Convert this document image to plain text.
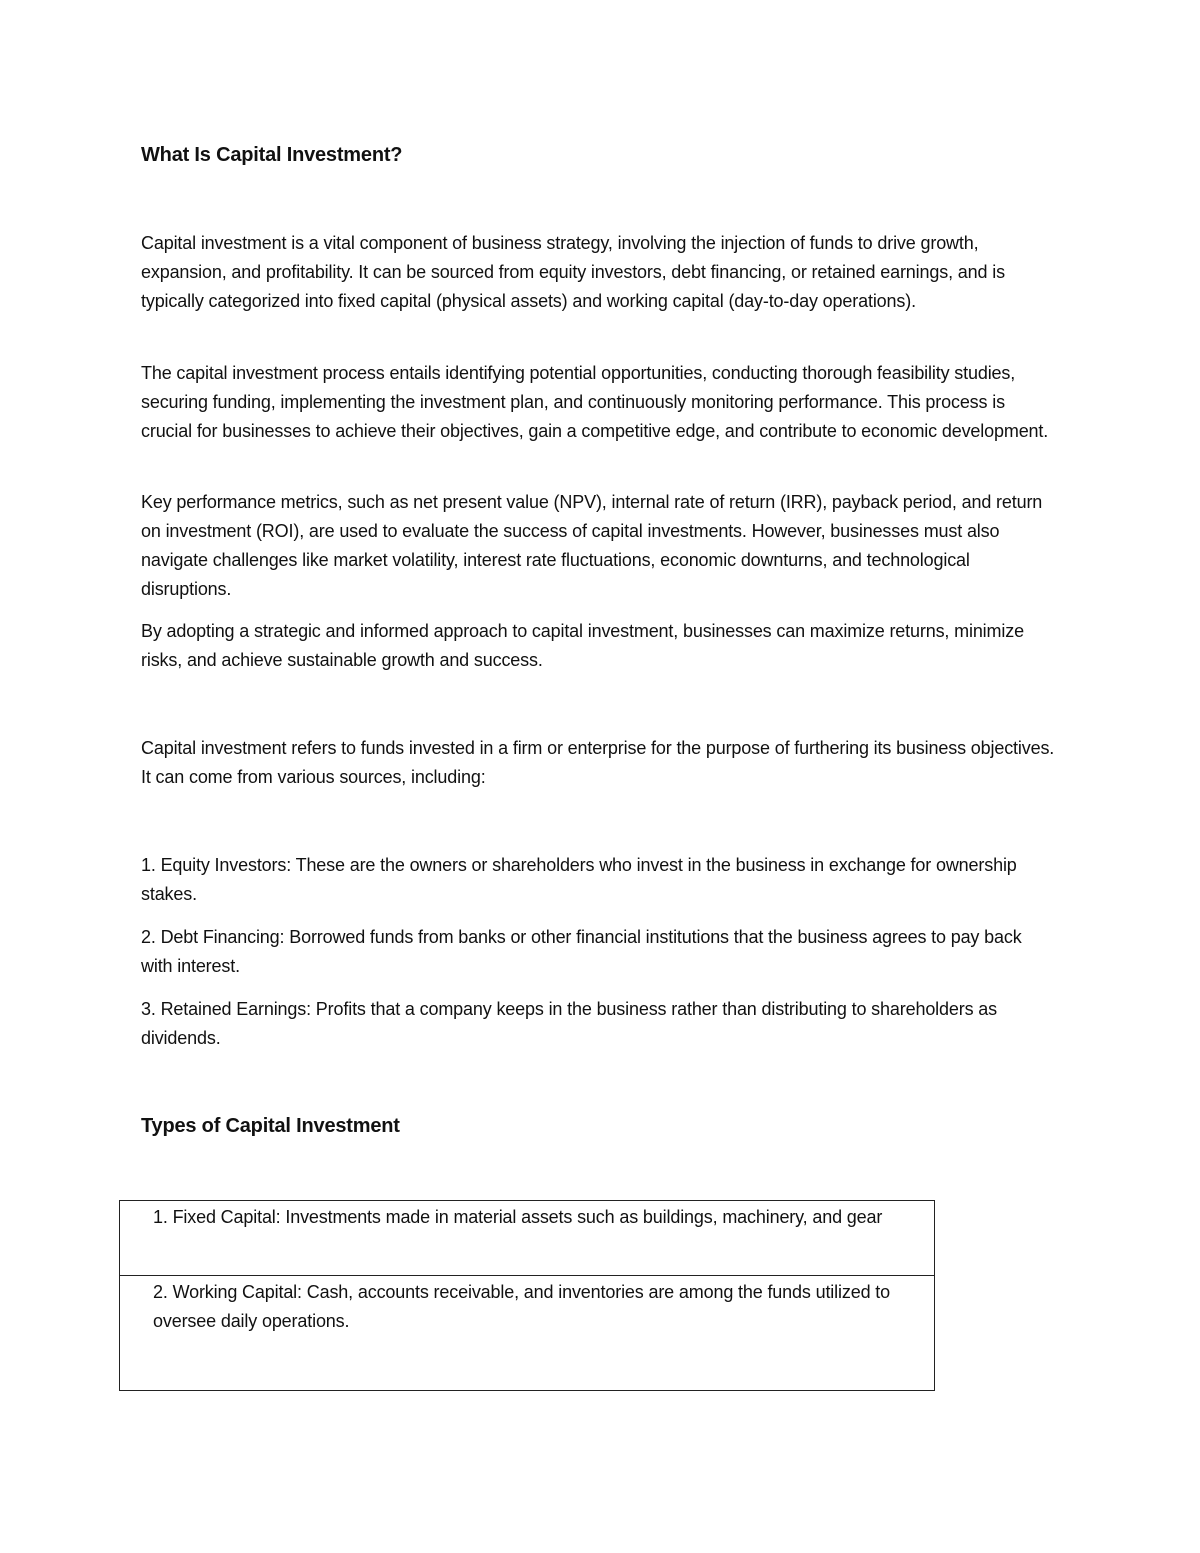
What Is Capital Investment?

Capital investment is a vital component of business strategy, involving the injection of funds to drive growth, expansion, and profitability. It can be sourced from equity investors, debt financing, or retained earnings, and is typically categorized into fixed capital (physical assets) and working capital (day-to-day operations).

The capital investment process entails identifying potential opportunities, conducting thorough feasibility studies, securing funding, implementing the investment plan, and continuously monitoring performance. This process is crucial for businesses to achieve their objectives, gain a competitive edge, and contribute to economic development.

Key performance metrics, such as net present value (NPV), internal rate of return (IRR), payback period, and return on investment (ROI), are used to evaluate the success of capital investments. However, businesses must also navigate challenges like market volatility, interest rate fluctuations, economic downturns, and technological disruptions.

By adopting a strategic and informed approach to capital investment, businesses can maximize returns, minimize risks, and achieve sustainable growth and success.

Capital investment refers to funds invested in a firm or enterprise for the purpose of furthering its business objectives. It can come from various sources, including:

1. Equity Investors: These are the owners or shareholders who invest in the business in exchange for ownership stakes.

2. Debt Financing: Borrowed funds from banks or other financial institutions that the business agrees to pay back with interest.

3. Retained Earnings: Profits that a company keeps in the business rather than distributing to shareholders as dividends.

Types of Capital Investment
1. Fixed Capital: Investments made in material assets such as buildings, machinery, and gear
2. Working Capital: Cash, accounts receivable, and inventories are among the funds utilized to oversee daily operations.
